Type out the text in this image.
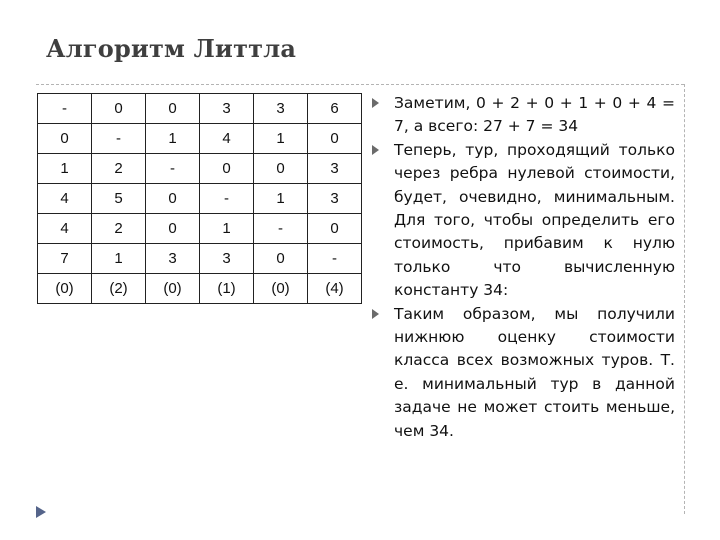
Алгоритм Литтла
-	0	0	3	3	6
0	-	1	4	1	0
1	2	-	0	0	3
4	5	0	-	1	3
4	2	0	1	-	0
7	1	3	3	0	-
(0)	(2)	(0)	(1)	(0)	(4)
Заметим, 0 + 2 + 0 + 1 + 0 + 4 = 7, а всего: 27 + 7 = 34
Теперь, тур, проходящий только через ребра нулевой стоимости, будет, очевидно, минимальным. Для того, чтобы определить его стоимость, прибавим к нулю только что вычисленную константу 34:
Таким образом, мы получили нижнюю оценку стоимости класса всех возможных туров. Т. е. минимальный тур в данной задаче не может стоить меньше, чем 34.
